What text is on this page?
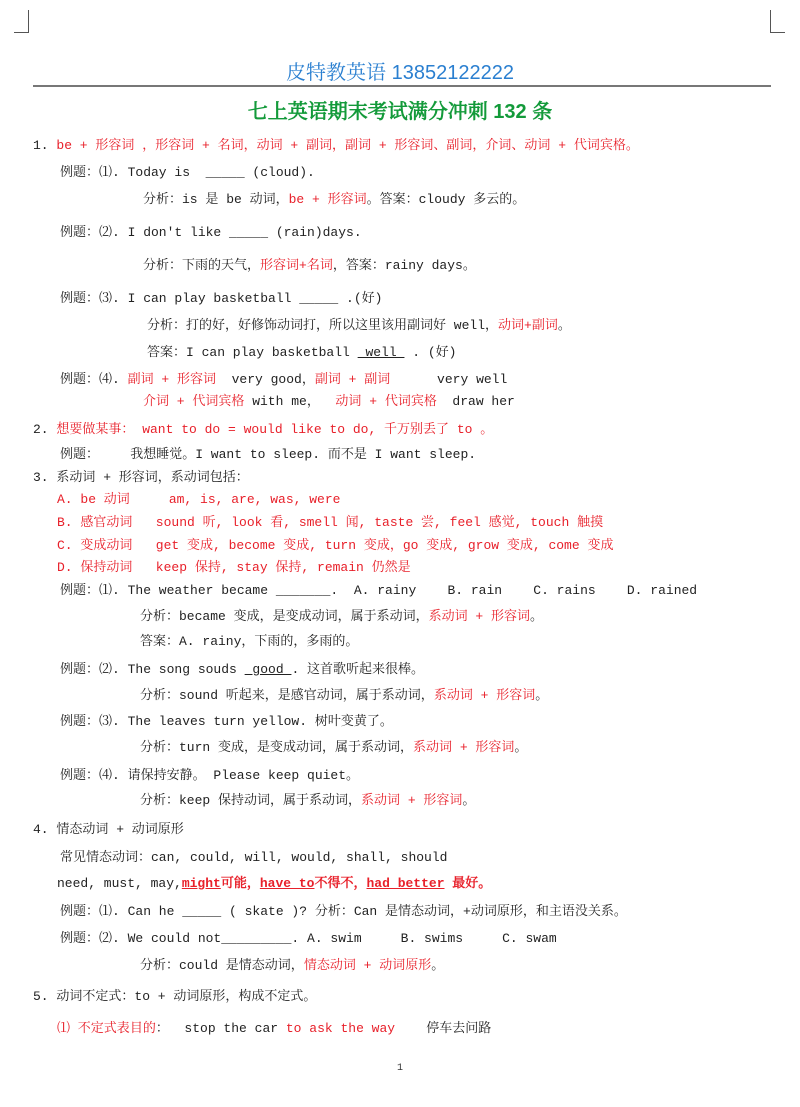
皮特教英语 13852122222
七上英语期末考试满分冲刺 132 条
1. be + 形容词 ，形容词 + 名词，动词 + 副词，副词 + 形容词、副词，介词、动词 + 代词宾格。
例题：⑴. Today is  _____ (cloud).
分析：is 是 be 动词，be + 形容词。答案：cloudy 多云的。
例题：⑵. I don't like _____ (rain)days.
分析：下雨的天气，形容词+名词，答案：rainy days。
例题：⑶. I can play basketball _____ .(好)
分析：打的好，好修饰动词打，所以这里该用副词好 well，动词+副词。
答案：I can play basketball  well  . (好)
例题：⑷. 副词 + 形容词  very good，副词 + 副词      very well
介词 + 代词宾格 with me，  动词 + 代词宾格  draw her
2. 想要做某事： want to do = would like to do, 千万别丢了 to 。
例题：    我想睡觉。I want to sleep. 而不是 I want sleep.
3. 系动词 + 形容词，系动词包括：
A. be 动词     am, is, are, was, were
B. 感官动词   sound 听, look 看, smell 闻, taste 尝, feel 感觉, touch 触摸
C. 变成动词   get 变成, become 变成, turn 变成，go 变成, grow 变成, come 变成
D. 保持动词   keep 保持, stay 保持, remain 仍然是
例题：⑴. The weather became _______.  A. rainy    B. rain    C. rains    D. rained
分析：became 变成，是变成动词，属于系动词，系动词 + 形容词。
答案：A. rainy，下雨的，多雨的。
例题：⑵. The song souds  good . 这首歌听起来很棒。
分析：sound 听起来，是感官动词，属于系动词，系动词 + 形容词。
例题：⑶. The leaves turn yellow. 树叶变黄了。
分析：turn 变成，是变成动词，属于系动词，系动词 + 形容词。
例题：⑷. 请保持安静。 Please keep quiet。
分析：keep 保持动词，属于系动词，系动词 + 形容词。
4. 情态动词 + 动词原形
常见情态动词：can, could, will, would, shall, should
need, must, may,might可能，have to不得不，had better 最好。
例题：⑴. Can he _____ ( skate )? 分析：Can 是情态动词，+动词原形，和主语没关系。
例题：⑵. We could not_________. A. swim     B. swims     C. swam
分析：could 是情态动词，情态动词 + 动词原形。
5. 动词不定式：to + 动词原形，构成不定式。
⑴ 不定式表目的：  stop the car to ask the way    停车去问路
1
